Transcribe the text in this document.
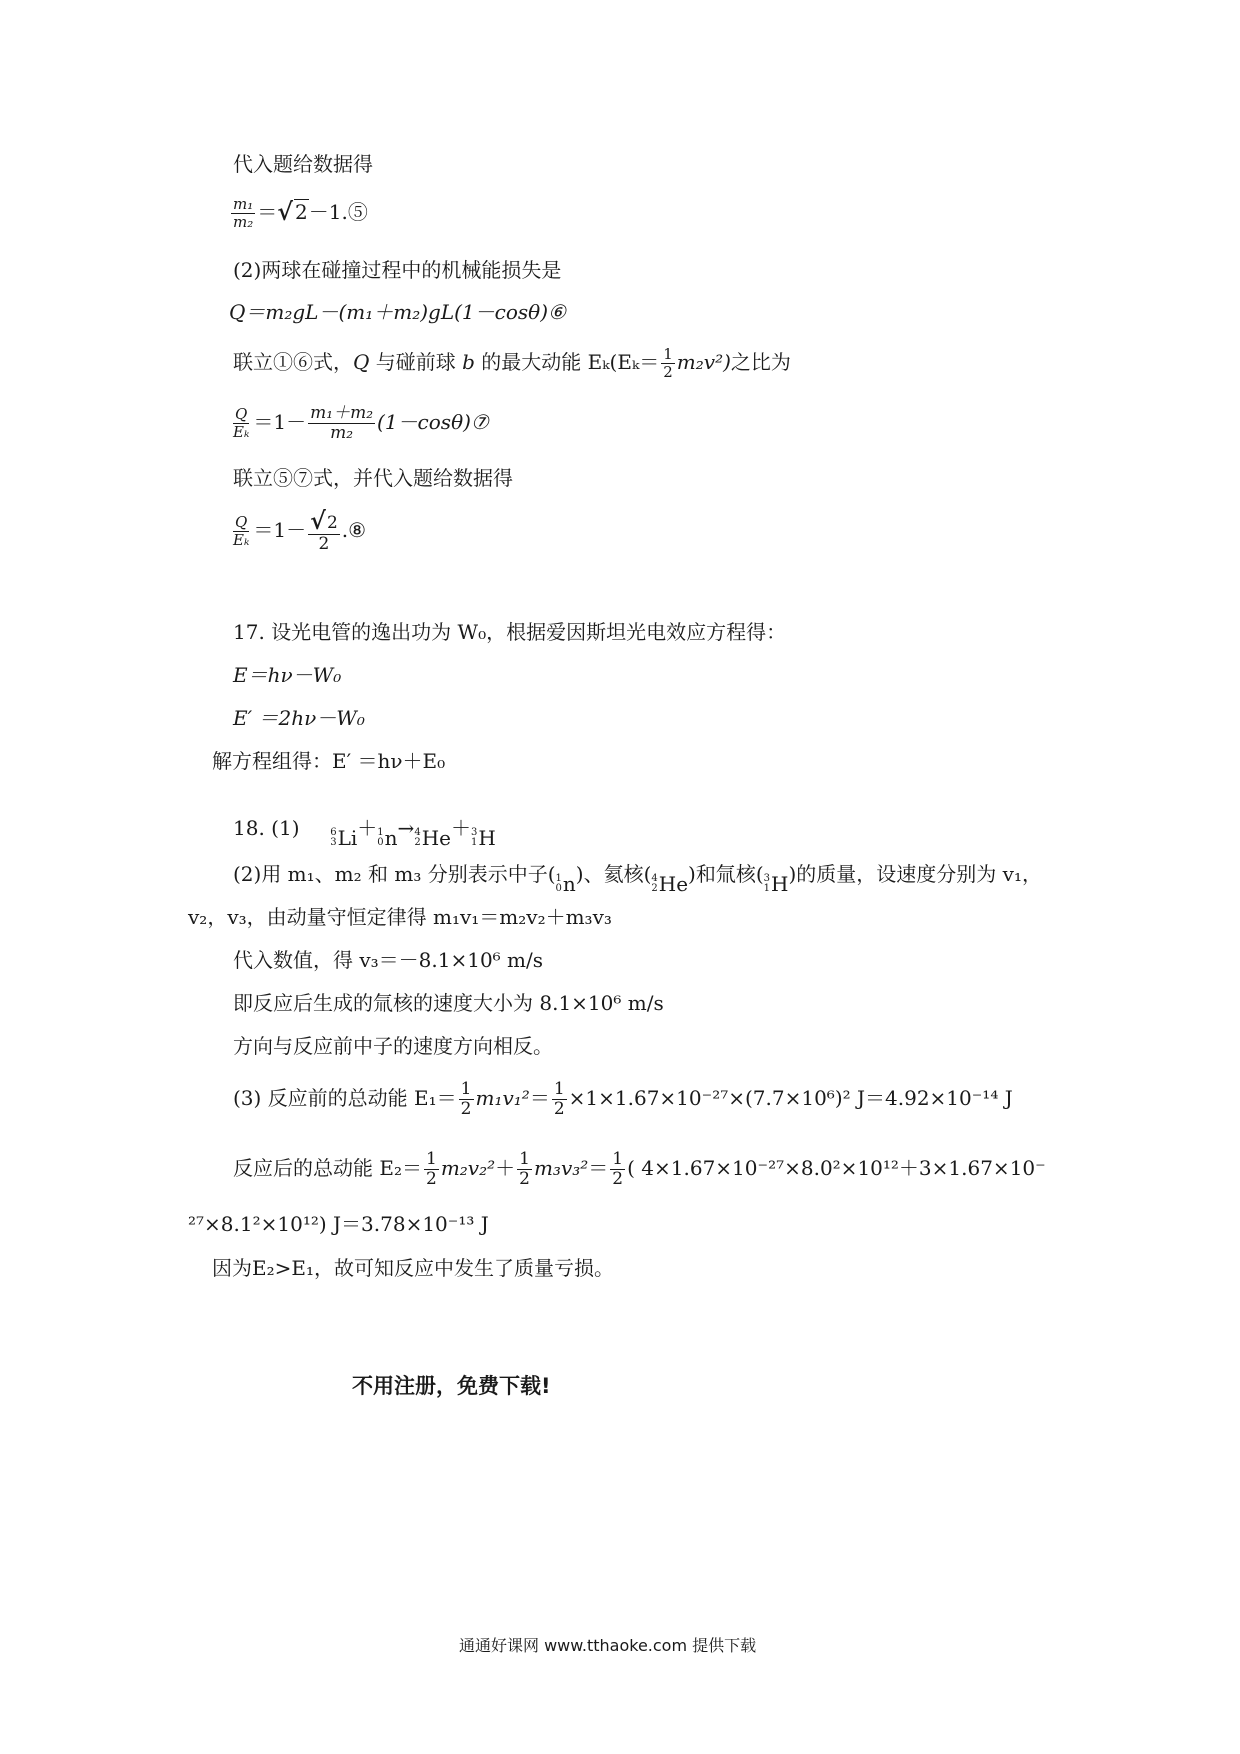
代入题给数据得
$\frac{\text{m₁}}{\text{m₂}}$ ＝√ 2－1.⑤
(2)两球在碰撞过程中的机械能损失是
Q＝m₂gL－(m₁＋m₂)gL(1－cosθ)⑥
联立①⑥式，Q 与碰前球 b 的最大动能 $E_k(E_k= \frac{1}{2} m_2v^2)$之比为
$\frac{Q}{\text{Eₖ}} =1- \frac{\text{m₁＋m₂}}{\text{m₂}}$ (1－cosθ)⑦
联立⑤⑦式，并代入题给数据得
$\frac{Q}{\text{Eₖ}} =1- \frac{√2}{2}$ .⑧
17. 设光电管的逸出功为 W₀，根据爱因斯坦光电效应方程得：
E＝hν－W₀
E′ ＝2hν－W₀
解方程组得：E′ ＝hν＋E₀
18. (1)	6
3 Li ＋ 1
0 n → 4
2 He ＋ 3
1 H
(2)用 m₁、m₂ 和 m₃ 分别表示中子( 1
0 n )、氦核( 4
2 He )和氚核( 3
1 H )的质量，设速度分别为 v₁，
v₂，v₃，由动量守恒定律得 m₁v₁＝m₂v₂＋m₃v₃
代入数值，得 v₃＝－8.1×10⁶ m/s
即反应后生成的氚核的速度大小为 8.1×10⁶ m/s
方向与反应前中子的速度方向相反。
(3) 反应前的总动能 $E_1= \frac{1}{2} m_1v_1^2= \frac{1}{2} \times 1\times 1.67\times 10^{-27}\times(7.7\times 10^6)^2$ J＝4.92×10⁻¹⁴ J
反应后的总动能 $E_2= \frac{1}{2} m_2v_2^2+ \frac{1}{2} m_3v_3^2= \frac{1}{2}$ ( 4×1.67×10⁻²⁷×8.0²×10¹²＋3×1.67×10⁻
²⁷×8.1²×10¹²) J＝3.78×10⁻¹³ J
因为E₂>E₁，故可知反应中发生了质量亏损。
不用注册，免费下载!
通通好课网 www.tthaoke.com 提供下载
